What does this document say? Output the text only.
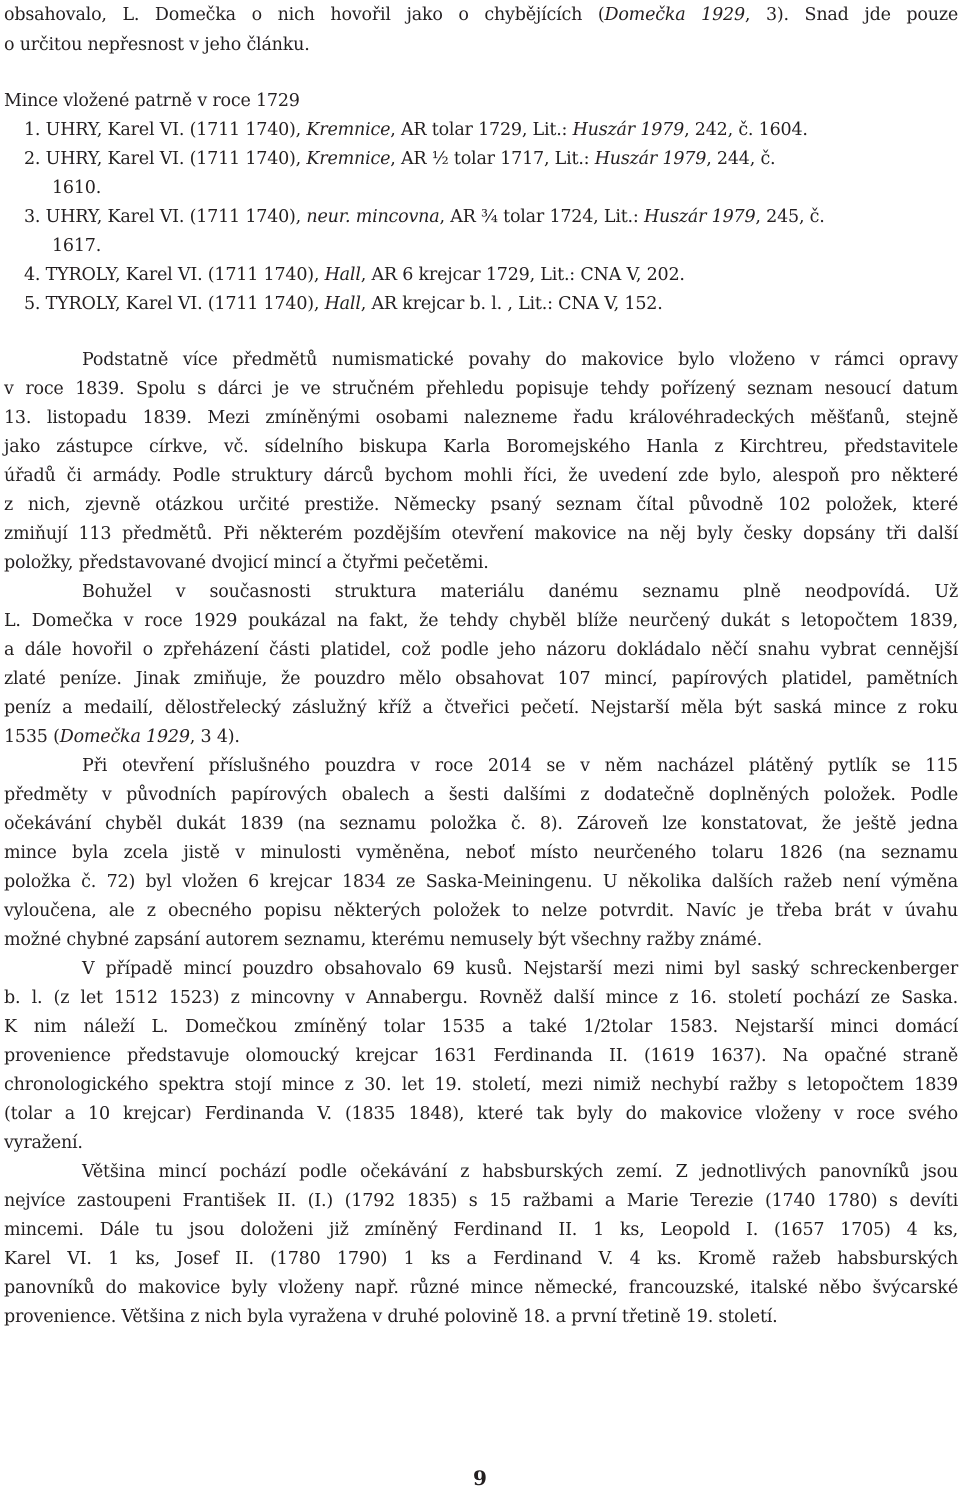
obsahovalo, L. Domečka o nich hovořil jako o chybějících (Domečka 1929, 3). Snad jde pouze
o určitou nepřesnost v jeho článku.
Mince vložené patrně v roce 1729
1. UHRY, Karel VI. (1711 1740), Kremnice, AR tolar 1729, Lit.: Huszár 1979, 242, č. 1604.
2. UHRY, Karel VI. (1711 1740), Kremnice, AR ½ tolar 1717, Lit.: Huszár 1979, 244, č.
1610.
3. UHRY, Karel VI. (1711 1740), neur. mincovna, AR ¾ tolar 1724, Lit.: Huszár 1979, 245, č.
1617.
4. TYROLY, Karel VI. (1711 1740), Hall, AR 6 krejcar 1729, Lit.: CNA V, 202.
5. TYROLY, Karel VI. (1711 1740), Hall, AR krejcar b. l. , Lit.: CNA V, 152.
Podstatně více předmětů numismatické povahy do makovice bylo vloženo v rámci opravy
v roce 1839. Spolu s dárci je ve stručném přehledu popisuje tehdy pořízený seznam nesoucí datum
13. listopadu 1839. Mezi zmíněnými osobami nalezneme řadu královéhradeckých měšťanů, stejně
jako zástupce církve, vč. sídelního biskupa Karla Boromejského Hanla z Kirchtreu, představitele
úřadů či armády. Podle struktury dárců bychom mohli říci, že uvedení zde bylo, alespoň pro některé
z nich, zjevně otázkou určité prestiže. Německy psaný seznam čítal původně 102 položek, které
zmiňují 113 předmětů. Při některém pozdějším otevření makovice na něj byly česky dopsány tři další
položky, představované dvojicí mincí a čtyřmi pečetěmi.
Bohužel v současnosti struktura materiálu danému seznamu plně neodpovídá. Už
L. Domečka v roce 1929 poukázal na fakt, že tehdy chyběl blíže neurčený dukát s letopočtem 1839,
a dále hovořil o zpřeházení části platidel, což podle jeho názoru dokládalo něčí snahu vybrat cennější
zlaté peníze. Jinak zmiňuje, že pouzdro mělo obsahovat 107 mincí, papírových platidel, pamětních
peníz a medailí, dělostřelecký záslužný kříž a čtveřici pečetí. Nejstarší měla být saská mince z roku
1535 (Domečka 1929, 3 4).
Při otevření příslušného pouzdra v roce 2014 se v něm nacházel plátěný pytlík se 115
předměty v původních papírových obalech a šesti dalšími z dodatečně doplněných položek. Podle
očekávání chyběl dukát 1839 (na seznamu položka č. 8). Zároveň lze konstatovat, že ještě jedna
mince byla zcela jistě v minulosti vyměněna, neboť místo neurčeného tolaru 1826 (na seznamu
položka č. 72) byl vložen 6 krejcar 1834 ze Saska-Meiningenu. U několika dalších ražeb není výměna
vyloučena, ale z obecného popisu některých položek to nelze potvrdit. Navíc je třeba brát v úvahu
možné chybné zapsání autorem seznamu, kterému nemusely být všechny ražby známé.
V případě mincí pouzdro obsahovalo 69 kusů. Nejstarší mezi nimi byl saský schreckenberger
b. l. (z let 1512 1523) z mincovny v Annabergu. Rovněž další mince z 16. století pochází ze Saska.
K nim náleží L. Domečkou zmíněný tolar 1535 a také 1/2tolar 1583. Nejstarší minci domácí
provenience představuje olomoucký krejcar 1631 Ferdinanda II. (1619 1637). Na opačné straně
chronologického spektra stojí mince z 30. let 19. století, mezi nimiž nechybí ražby s letopočtem 1839
(tolar a 10 krejcar) Ferdinanda V. (1835 1848), které tak byly do makovice vloženy v roce svého
vyražení.
Většina mincí pochází podle očekávání z habsburských zemí. Z jednotlivých panovníků jsou
nejvíce zastoupeni František II. (I.) (1792 1835) s 15 ražbami a Marie Terezie (1740 1780) s devíti
mincemi. Dále tu jsou doloženi již zmíněný Ferdinand II. 1 ks, Leopold I. (1657 1705) 4 ks,
Karel VI. 1 ks, Josef II. (1780 1790) 1 ks a Ferdinand V. 4 ks. Kromě ražeb habsburských
panovníků do makovice byly vloženy např. různé mince německé, francouzské, italské něbo švýcarské
provenience. Většina z nich byla vyražena v druhé polovině 18. a první třetině 19. století.
9
